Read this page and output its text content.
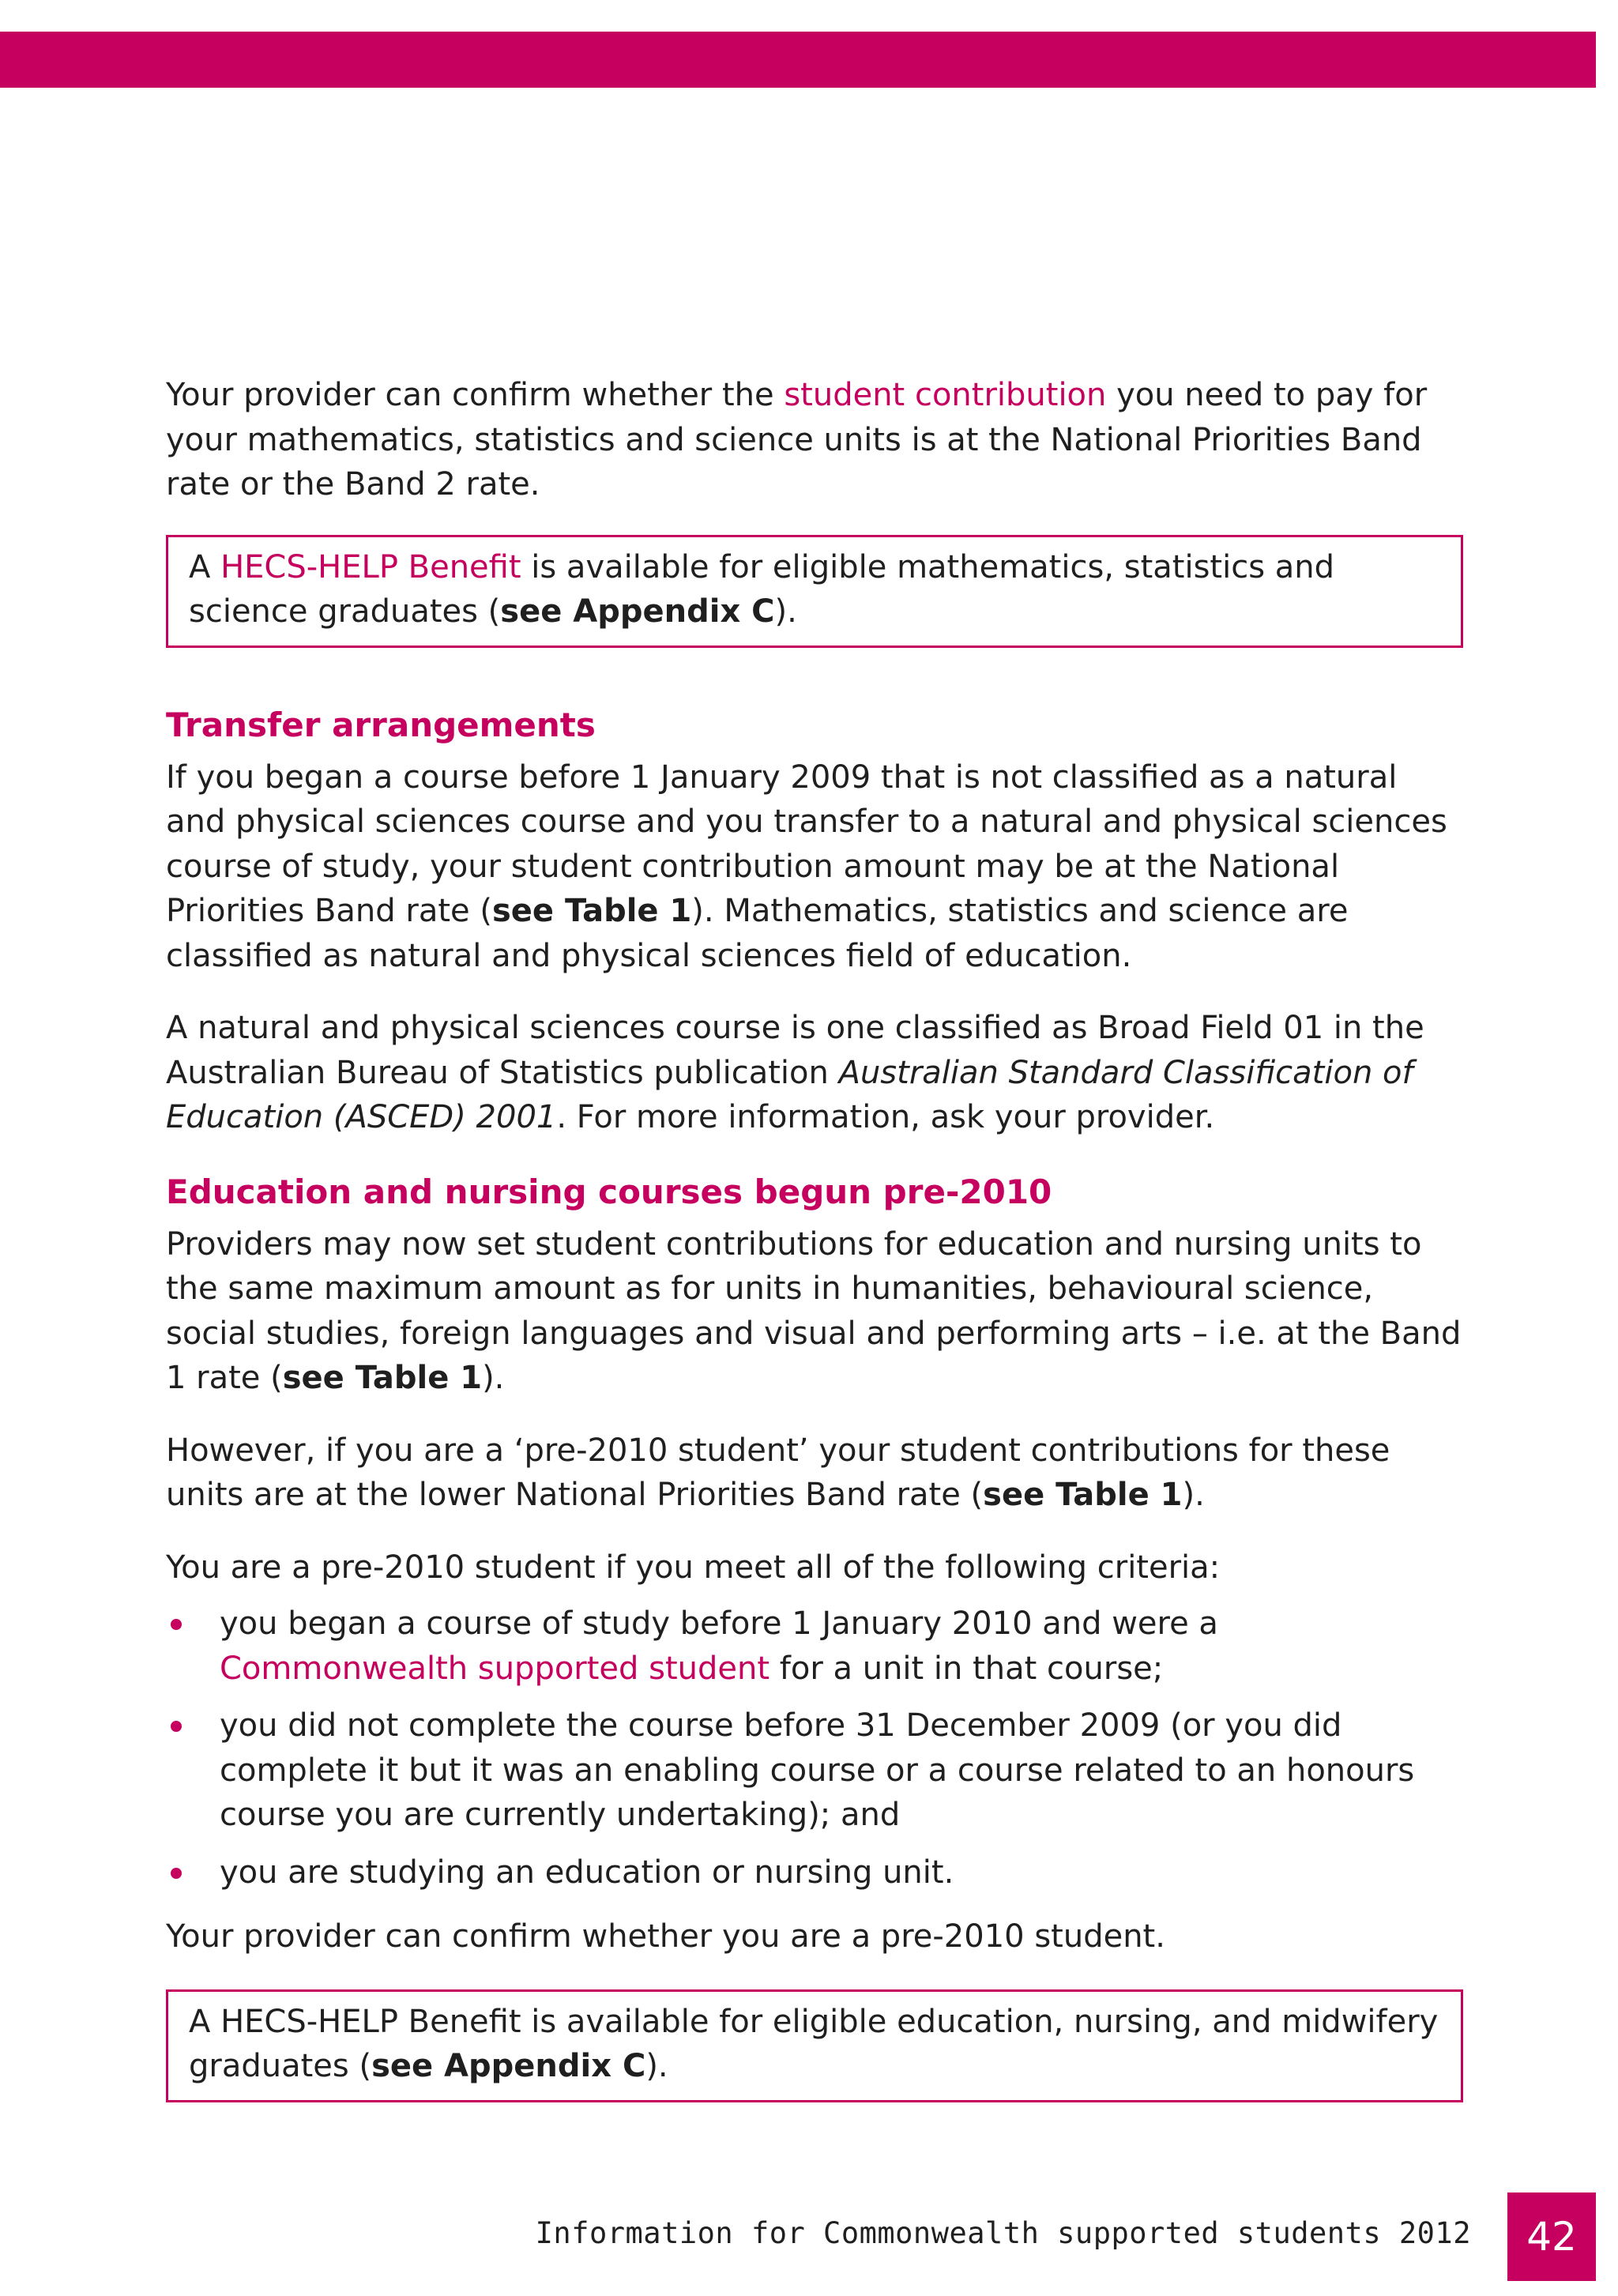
Your provider can confirm whether the student contribution you need to pay for your mathematics, statistics and science units is at the National Priorities Band rate or the Band 2 rate.

A HECS-HELP Benefit is available for eligible mathematics, statistics and science graduates (see Appendix C).

Transfer arrangements

If you began a course before 1 January 2009 that is not classified as a natural and physical sciences course and you transfer to a natural and physical sciences course of study, your student contribution amount may be at the National Priorities Band rate (see Table 1). Mathematics, statistics and science are classified as natural and physical sciences field of education.

A natural and physical sciences course is one classified as Broad Field 01 in the Australian Bureau of Statistics publication Australian Standard Classification of Education (ASCED) 2001. For more information, ask your provider.

Education and nursing courses begun pre-2010

Providers may now set student contributions for education and nursing units to the same maximum amount as for units in humanities, behavioural science, social studies, foreign languages and visual and performing arts – i.e. at the Band 1 rate (see Table 1).

However, if you are a ‘pre-2010 student’ your student contributions for these units are at the lower National Priorities Band rate (see Table 1).

You are a pre-2010 student if you meet all of the following criteria:

you began a course of study before 1 January 2010 and were a Commonwealth supported student for a unit in that course;
you did not complete the course before 31 December 2009 (or you did complete it but it was an enabling course or a course related to an honours course you are currently undertaking); and
you are studying an education or nursing unit.

Your provider can confirm whether you are a pre-2010 student.

A HECS-HELP Benefit is available for eligible education, nursing, and midwifery graduates (see Appendix C).

Information for Commonwealth supported students 2012	42
